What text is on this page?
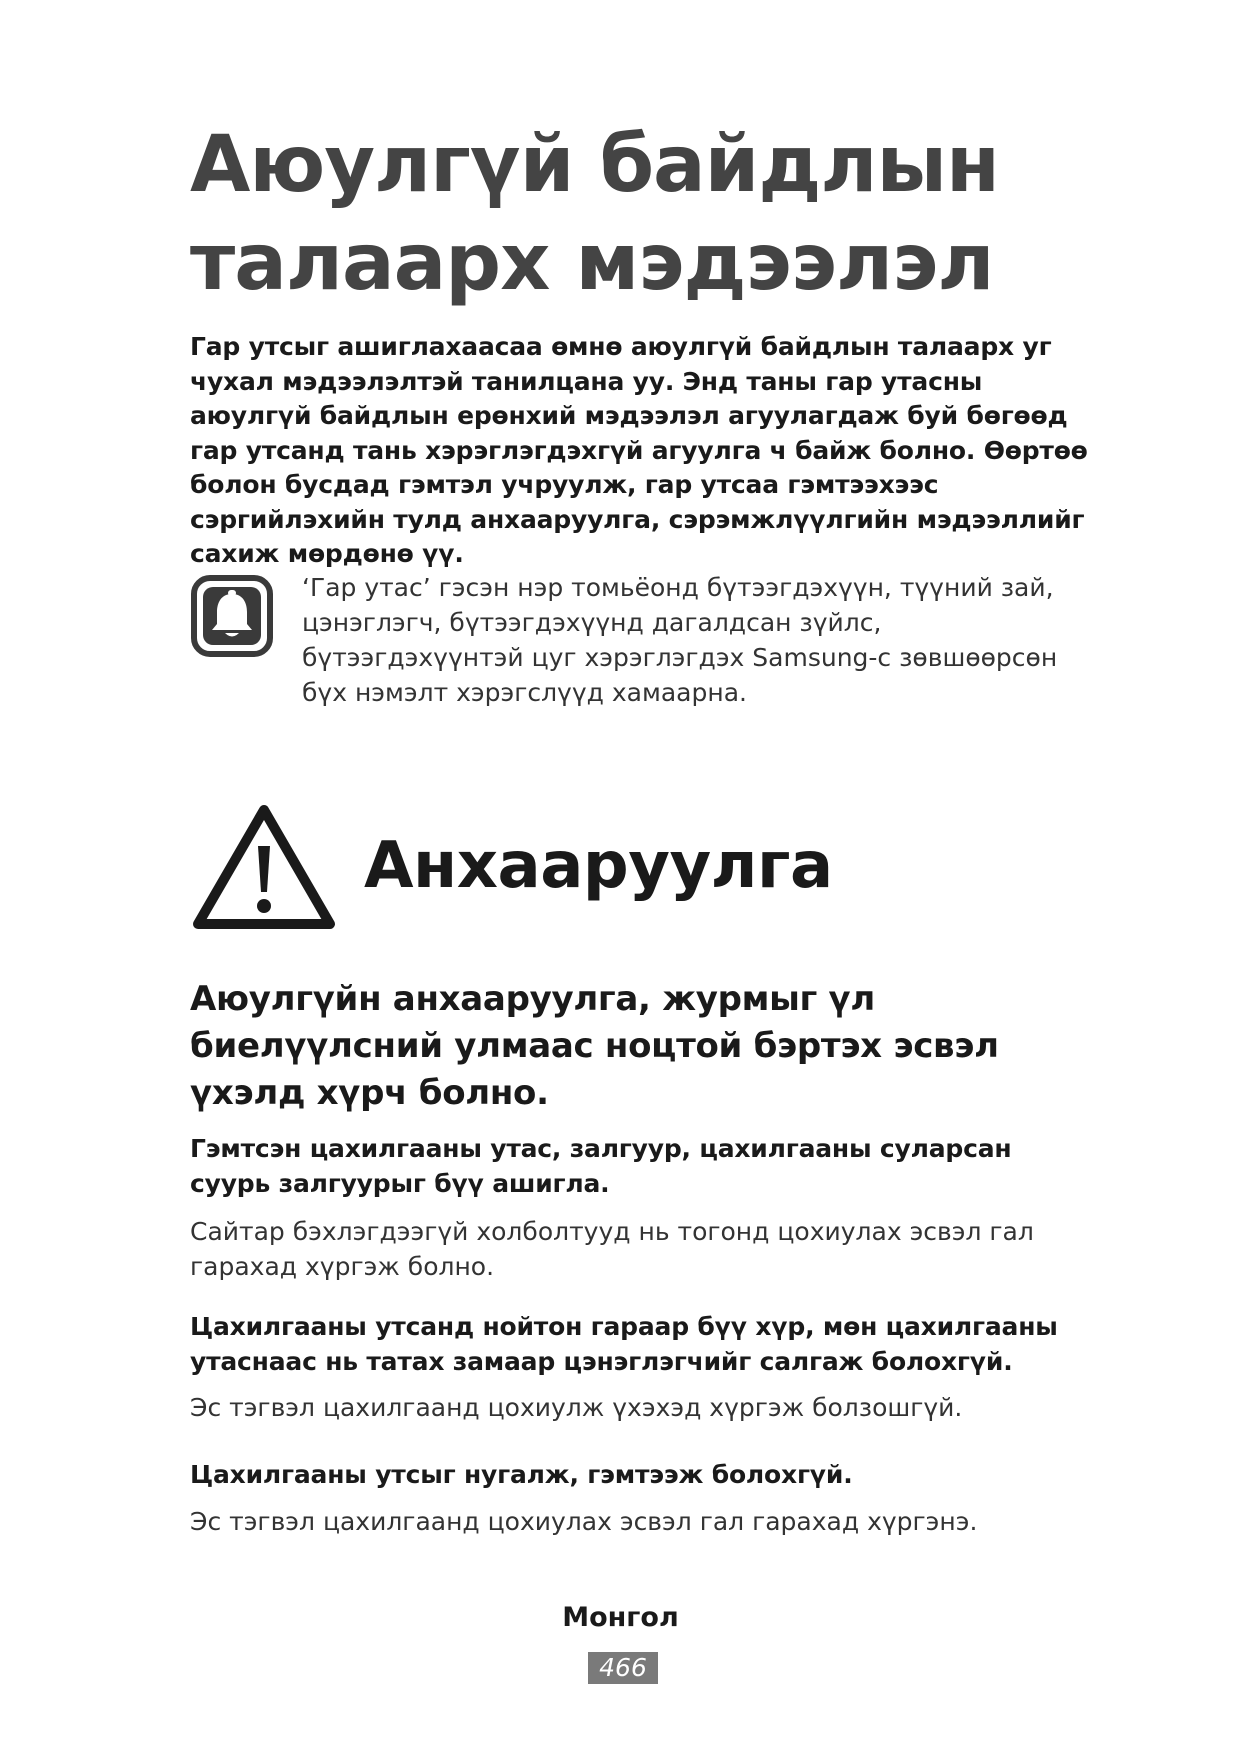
Аюулгүй байдлын талаарх мэдээлэл

Гар утсыг ашиглахаасаа өмнө аюулгүй байдлын талаарх уг чухал мэдээлэлтэй танилцана уу. Энд таны гар утасны аюулгүй байдлын ерөнхий мэдээлэл агуулагдаж буй бөгөөд гар утсанд тань хэрэглэгдэхгүй агуулга ч байж болно. Өөртөө болон бусдад гэмтэл учруулж, гар утсаа гэмтээхээс сэргийлэхийн тулд анхааруулга, сэрэмжлүүлгийн мэдээллийг сахиж мөрдөнө үү.

‘Гар утас’ гэсэн нэр томьёонд бүтээгдэхүүн, түүний зай, цэнэглэгч, бүтээгдэхүүнд дагалдсан зүйлс, бүтээгдэхүүнтэй цуг хэрэглэгдэх Samsung-с зөвшөөрсөн бүх нэмэлт хэрэгслүүд хамаарна.

Анхааруулга

Аюулгүйн анхааруулга, журмыг үл биелүүлсний улмаас ноцтой бэртэх эсвэл үхэлд хүрч болно.

Гэмтсэн цахилгааны утас, залгуур, цахилгааны суларсан суурь залгуурыг бүү ашигла.

Сайтар бэхлэгдээгүй холболтууд нь тогонд цохиулах эсвэл гал гарахад хүргэж болно.

Цахилгааны утсанд нойтон гараар бүү хүр, мөн цахилгааны утаснаас нь татах замаар цэнэглэгчийг салгаж болохгүй.

Эс тэгвэл цахилгаанд цохиулж үхэхэд хүргэж болзошгүй.

Цахилгааны утсыг нугалж, гэмтээж болохгүй.

Эс тэгвэл цахилгаанд цохиулах эсвэл гал гарахад хүргэнэ.

Монгол
466
